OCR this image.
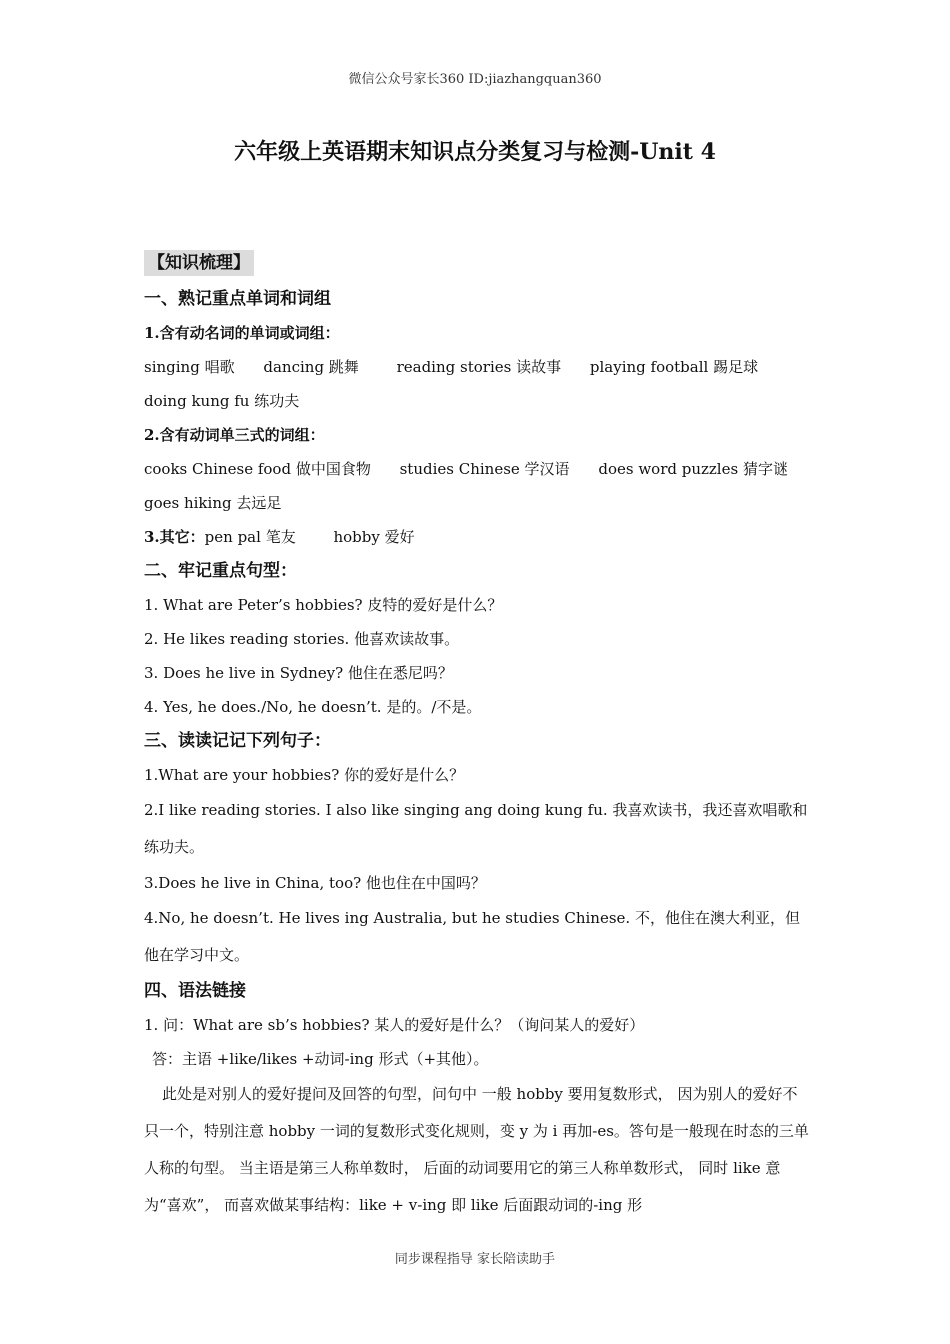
微信公众号家长360 ID:jiazhangquan360
六年级上英语期末知识点分类复习与检测-Unit 4
【知识梳理】
一、熟记重点单词和词组
1.含有动名词的单词或词组：
singing 唱歌 dancing 跳舞	reading stories 读故事 playing football 踢足球
doing kung fu 练功夫
2.含有动词单三式的词组：
cooks Chinese food 做中国食物 studies Chinese 学汉语 does word puzzles 猜字谜
goes hiking 去远足
3.其它：pen pal 笔友	hobby 爱好
二、牢记重点句型：
1. What are Peter’s hobbies? 皮特的爱好是什么？
2. He likes reading stories. 他喜欢读故事。
3. Does he live in Sydney? 他住在悉尼吗？
4. Yes, he does./No, he doesn’t. 是的。/不是。
三、读读记记下列句子：
1.What are your hobbies? 你的爱好是什么？
2.I like reading stories. I also like singing ang doing kung fu. 我喜欢读书，我还喜欢唱歌和练功夫。
3.Does he live in China, too? 他也住在中国吗？
4.No, he doesn’t. He lives ing Australia, but he studies Chinese. 不，他住在澳大利亚，但他在学习中文。
四、语法链接
1. 问：What are sb’s hobbies? 某人的爱好是什么？（询问某人的爱好）
答：主语 +like/likes +动词-ing 形式（+其他）。
此处是对别人的爱好提问及回答的句型，问句中 一般 hobby 要用复数形式， 因为别人的爱好不只一个，特别注意 hobby 一词的复数形式变化规则，变 y 为 i 再加-es。答句是一般现在时态的三单人称的句型。 当主语是第三人称单数时， 后面的动词要用它的第三人称单数形式， 同时 like 意为“喜欢”， 而喜欢做某事结构：like + v-ing 即 like 后面跟动词的-ing 形
同步课程指导 家长陪读助手
